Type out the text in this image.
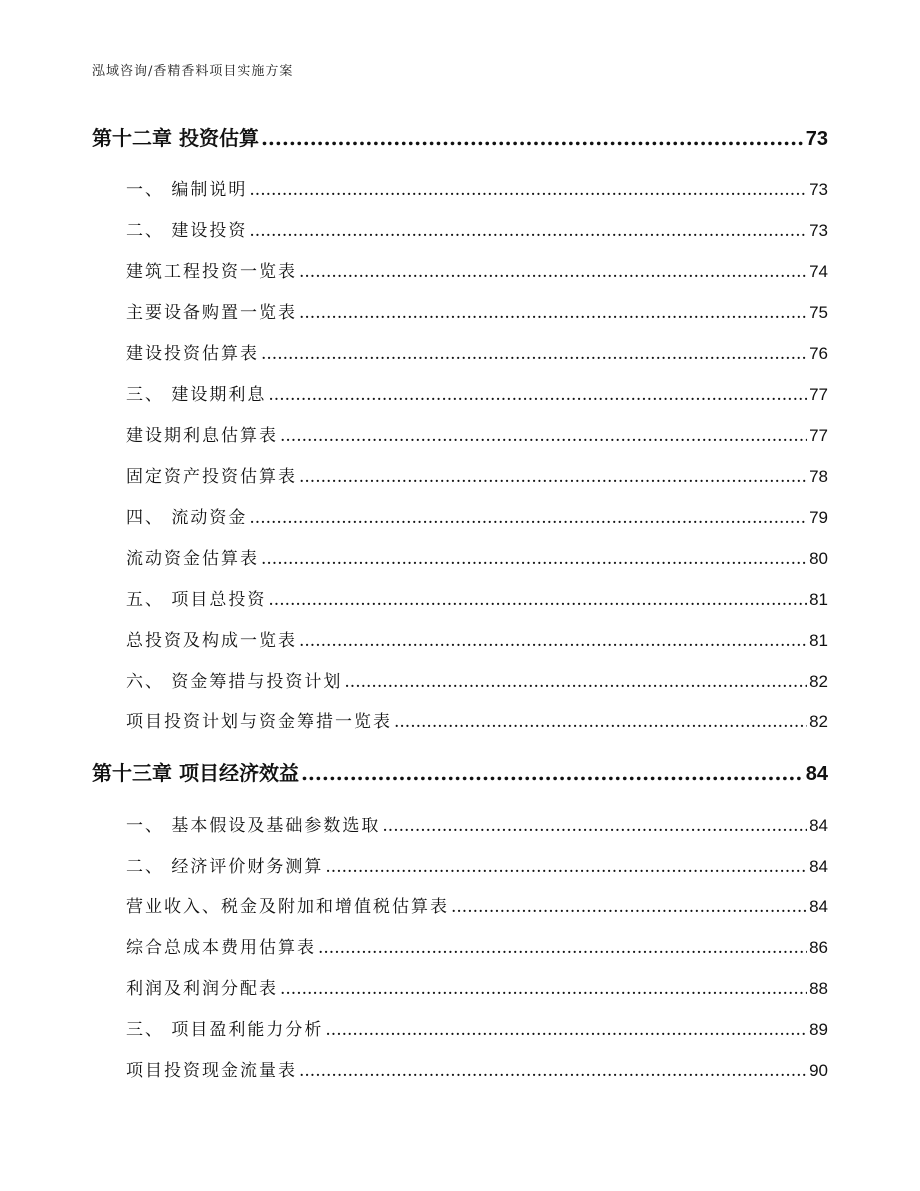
泓域咨询/香精香料项目实施方案
第十二章 投资估算 .....	73
一、 编制说明 .....	73
二、 建设投资 .....	73
建筑工程投资一览表 .....	74
主要设备购置一览表 .....	75
建设投资估算表 .....	76
三、 建设期利息 .....	77
建设期利息估算表 .....	77
固定资产投资估算表 .....	78
四、 流动资金 .....	79
流动资金估算表 .....	80
五、 项目总投资 .....	81
总投资及构成一览表 .....	81
六、 资金筹措与投资计划 .....	82
项目投资计划与资金筹措一览表 .....	82
第十三章 项目经济效益 .....	84
一、 基本假设及基础参数选取 .....	84
二、 经济评价财务测算 .....	84
营业收入、税金及附加和增值税估算表 .....	84
综合总成本费用估算表 .....	86
利润及利润分配表 .....	88
三、 项目盈利能力分析 .....	89
项目投资现金流量表 .....	90
